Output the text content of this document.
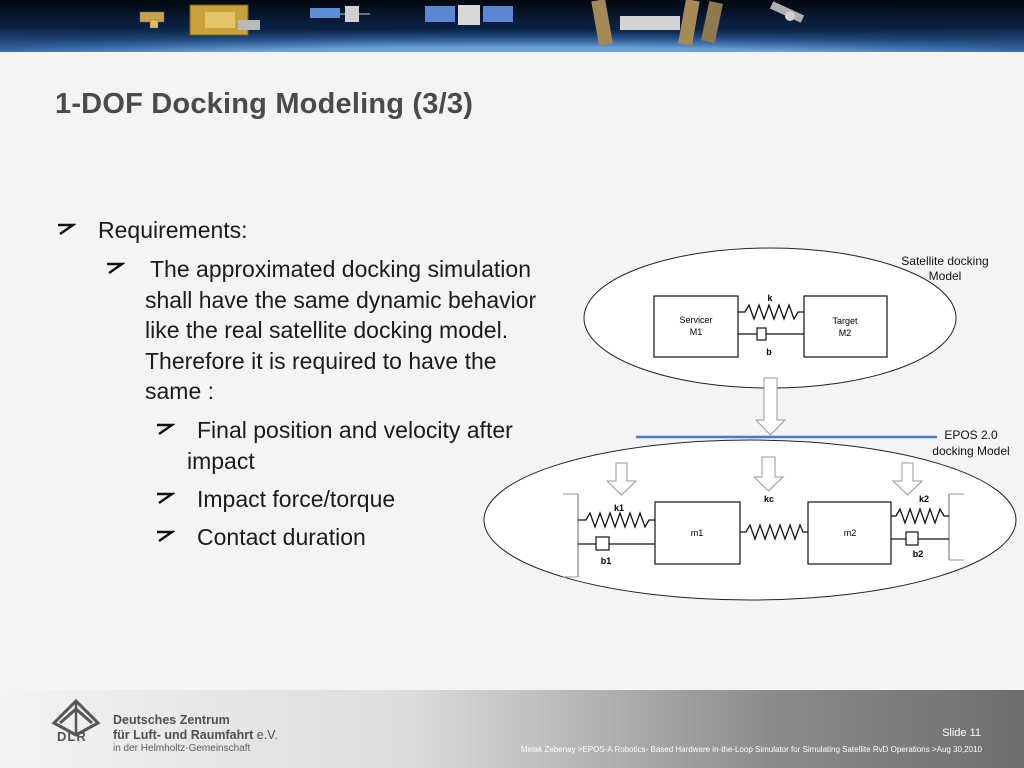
1-DOF Docking Modeling (3/3)
Requirements:
The approximated docking simulation
shall have the same dynamic behavior
like the real satellite docking model.
Therefore it is required to have the
same :
Final position and velocity after
impact
Impact force/torque
Contact duration
Satellite docking
Model
Servicer
M1
Target
M2
k
b
EPOS 2.0
docking Model
m1	m2
k1
b1
kc	k2
b2
DLR
Deutsches Zentrum
für Luft- und Raumfahrt e.V.
in der Helmholtz-Gemeinschaft
Slide 11
Melak Zebenay >EPOS-A Robotics- Based Hardware in-the-Loop Simulator for Simulating Satellite RvD Operations >Aug 30,2010
